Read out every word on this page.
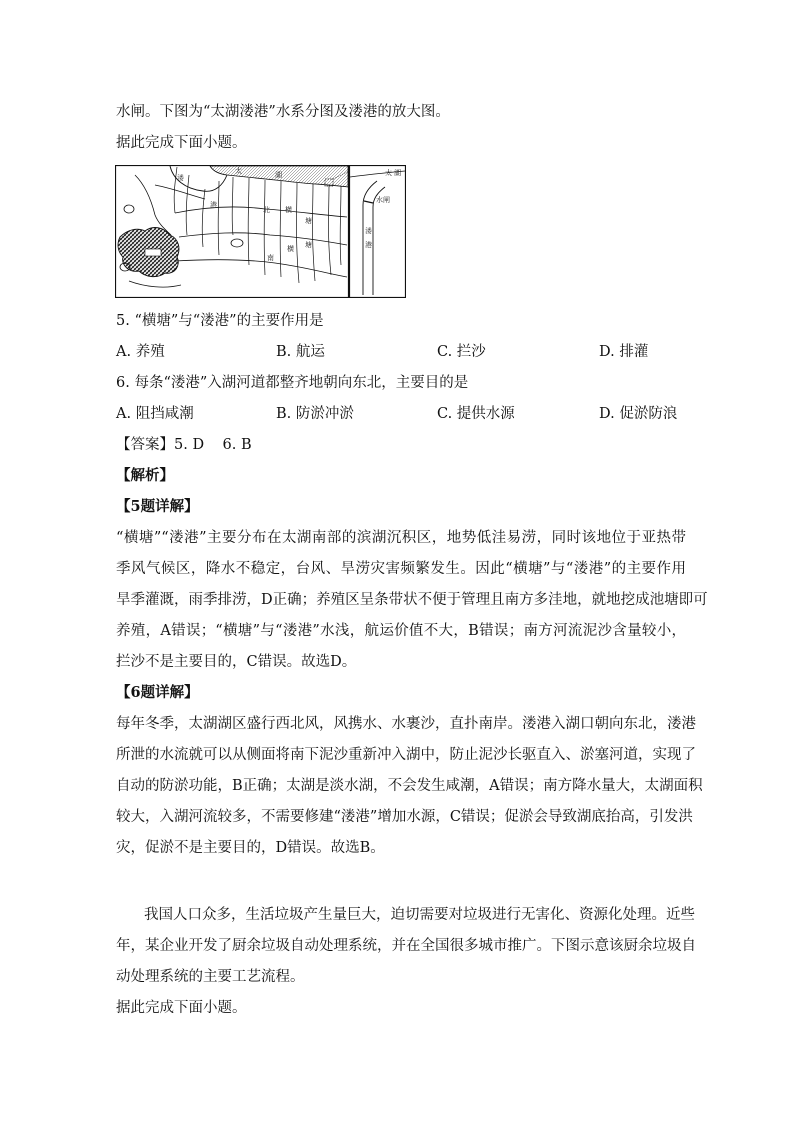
水闸。下图为“太湖溇港”水系分图及溇港的放大图。
据此完成下面小题。
溇
港
太	湖
北 横
塘
南
横 塘
太 湖
水闸
溇
港
5. “横塘”与“溇港”的主要作用是
A. 养殖	B. 航运	C. 拦沙	D. 排灌
6. 每条“溇港”入湖河道都整齐地朝向东北，主要目的是
A. 阻挡咸潮	B. 防淤冲淤	C. 提供水源	D. 促淤防浪
【答案】5. D    6. B
【解析】
【5题详解】
“横塘”“溇港”主要分布在太湖南部的滨湖沉积区，地势低洼易涝，同时该地位于亚热带
季风气候区，降水不稳定，台风、旱涝灾害频繁发生。因此“横塘”与“溇港”的主要作用
旱季灌溉，雨季排涝，D正确；养殖区呈条带状不便于管理且南方多洼地，就地挖成池塘即可
养殖，A错误；“横塘”与“溇港”水浅，航运价值不大，B错误；南方河流泥沙含量较小，
拦沙不是主要目的，C错误。故选D。
【6题详解】
每年冬季，太湖湖区盛行西北风，风携水、水裹沙，直扑南岸。溇港入湖口朝向东北，溇港
所泄的水流就可以从侧面将南下泥沙重新冲入湖中，防止泥沙长驱直入、淤塞河道，实现了
自动的防淤功能，B正确；太湖是淡水湖，不会发生咸潮，A错误；南方降水量大，太湖面积
较大，入湖河流较多，不需要修建“溇港”增加水源，C错误；促淤会导致湖底抬高，引发洪
灾，促淤不是主要目的，D错误。故选B。
我国人口众多，生活垃圾产生量巨大，迫切需要对垃圾进行无害化、资源化处理。近些
年，某企业开发了厨余垃圾自动处理系统，并在全国很多城市推广。下图示意该厨余垃圾自
动处理系统的主要工艺流程。
据此完成下面小题。
